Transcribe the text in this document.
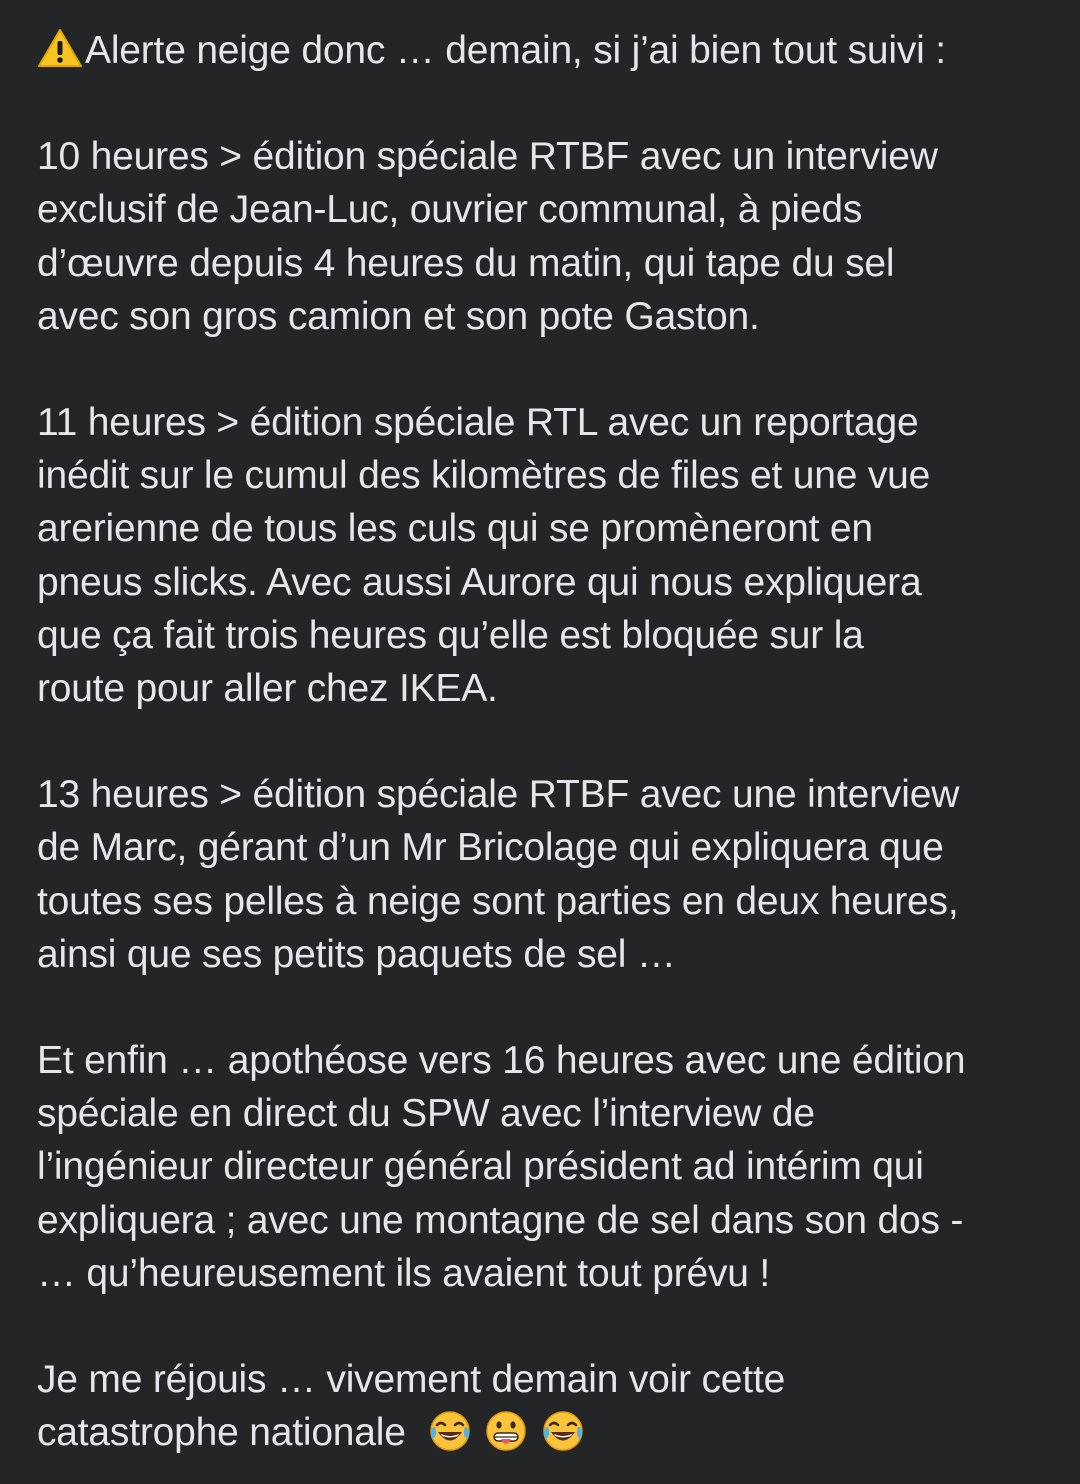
Alerte neige donc … demain, si j’ai bien tout suivi :
10 heures > édition spéciale RTBF avec un interview
exclusif de Jean-Luc, ouvrier communal, à pieds
d’œuvre depuis 4 heures du matin, qui tape du sel
avec son gros camion et son pote Gaston.
11 heures > édition spéciale RTL avec un reportage
inédit sur le cumul des kilomètres de files et une vue
arerienne de tous les culs qui se promèneront en
pneus slicks. Avec aussi Aurore qui nous expliquera
que ça fait trois heures qu’elle est bloquée sur la
route pour aller chez IKEA.
13 heures > édition spéciale RTBF avec une interview
de Marc, gérant d’un Mr Bricolage qui expliquera que
toutes ses pelles à neige sont parties en deux heures,
ainsi que ses petits paquets de sel …
Et enfin … apothéose vers 16 heures avec une édition
spéciale en direct du SPW avec l’interview de
l’ingénieur directeur général président ad intérim qui
expliquera ; avec une montagne de sel dans son dos -
… qu’heureusement ils avaient tout prévu !
Je me réjouis … vivement demain voir cette
catastrophe nationale
